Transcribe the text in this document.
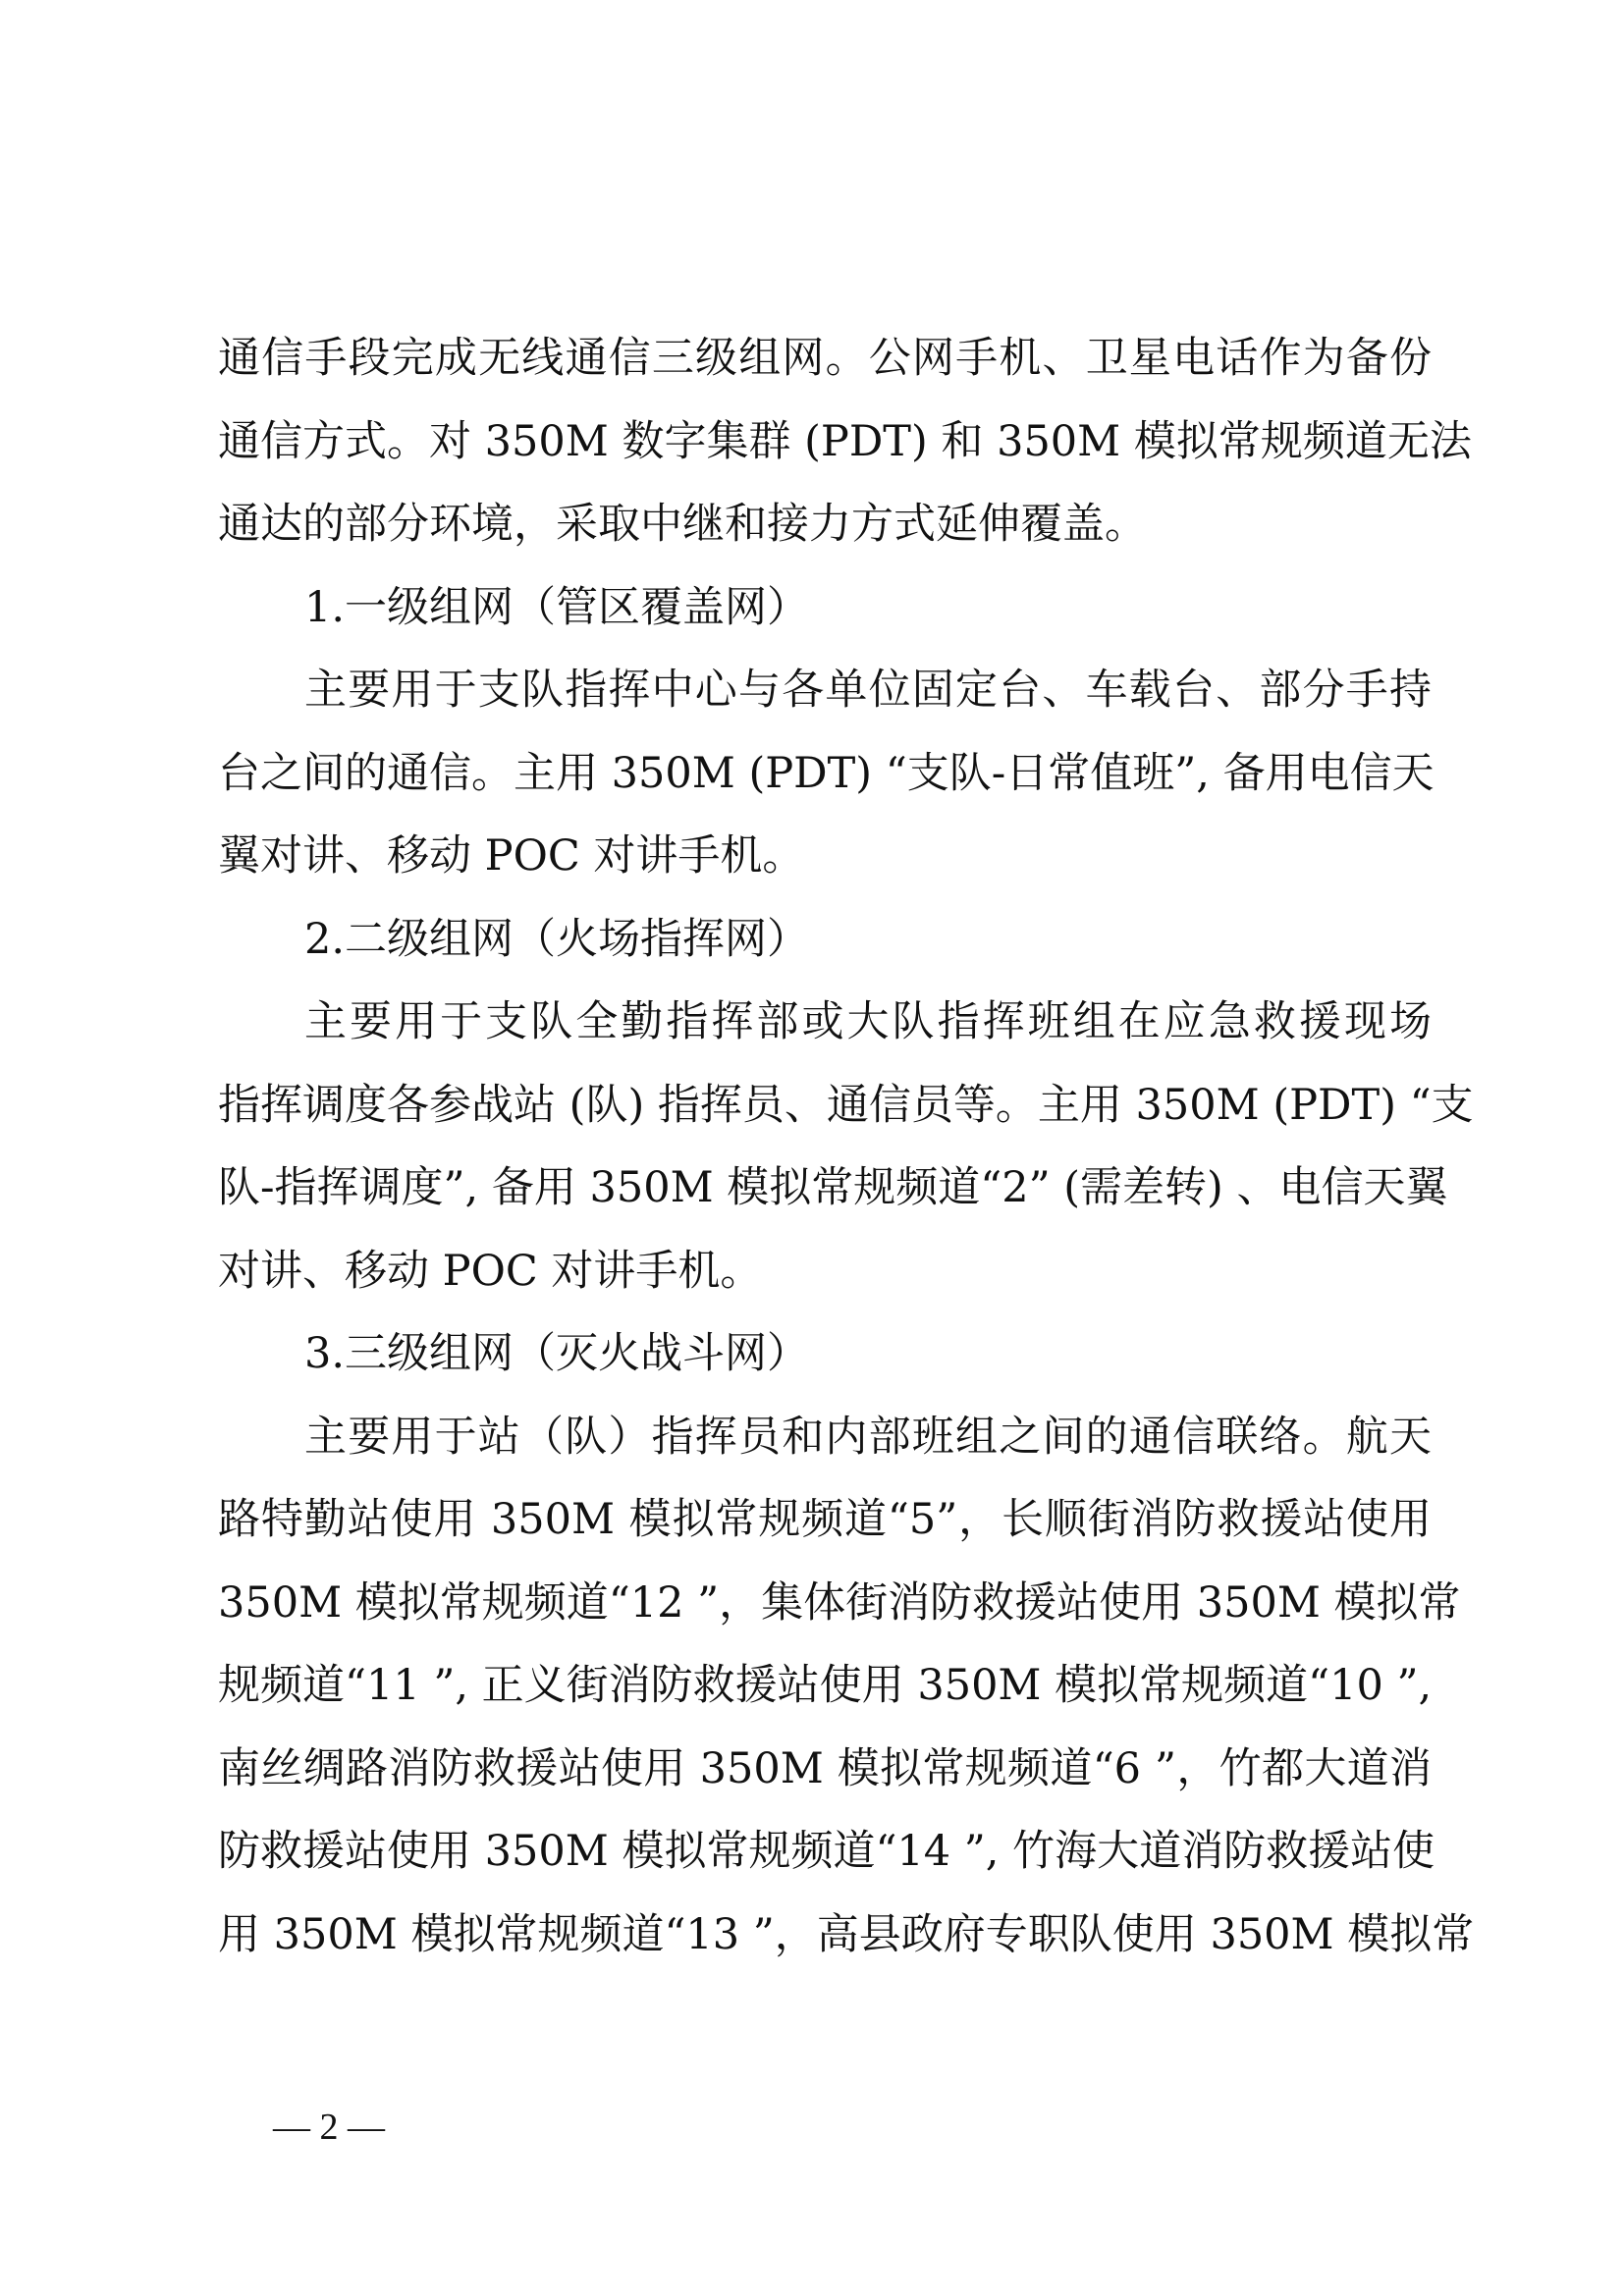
通信手段完成无线通信三级组网。公网手机、卫星电话作为备份
通信方式。对 350M 数字集群 (PDT) 和 350M 模拟常规频道无法
通达的部分环境，采取中继和接力方式延伸覆盖。
1.一级组网（管区覆盖网）
主要用于支队指挥中心与各单位固定台、车载台、部分手持
台之间的通信。主用 350M (PDT) “支队-日常值班”, 备用电信天
翼对讲、移动 POC 对讲手机。
2.二级组网（火场指挥网）
主要用于支队全勤指挥部或大队指挥班组在应急救援现场
指挥调度各参战站 (队) 指挥员、通信员等。主用 350M (PDT) “支
队-指挥调度”, 备用 350M 模拟常规频道“2” (需差转) 、电信天翼
对讲、移动 POC 对讲手机。
3.三级组网（灭火战斗网）
主要用于站（队）指挥员和内部班组之间的通信联络。航天
路特勤站使用 350M 模拟常规频道“5”，长顺街消防救援站使用
350M 模拟常规频道“12 ”，集体街消防救援站使用 350M 模拟常
规频道“11 ”, 正义街消防救援站使用 350M 模拟常规频道“10 ”,
南丝绸路消防救援站使用 350M 模拟常规频道“6 ”，竹都大道消
防救援站使用 350M 模拟常规频道“14 ”, 竹海大道消防救援站使
用 350M 模拟常规频道“13 ”，高县政府专职队使用 350M 模拟常
— 2 —
